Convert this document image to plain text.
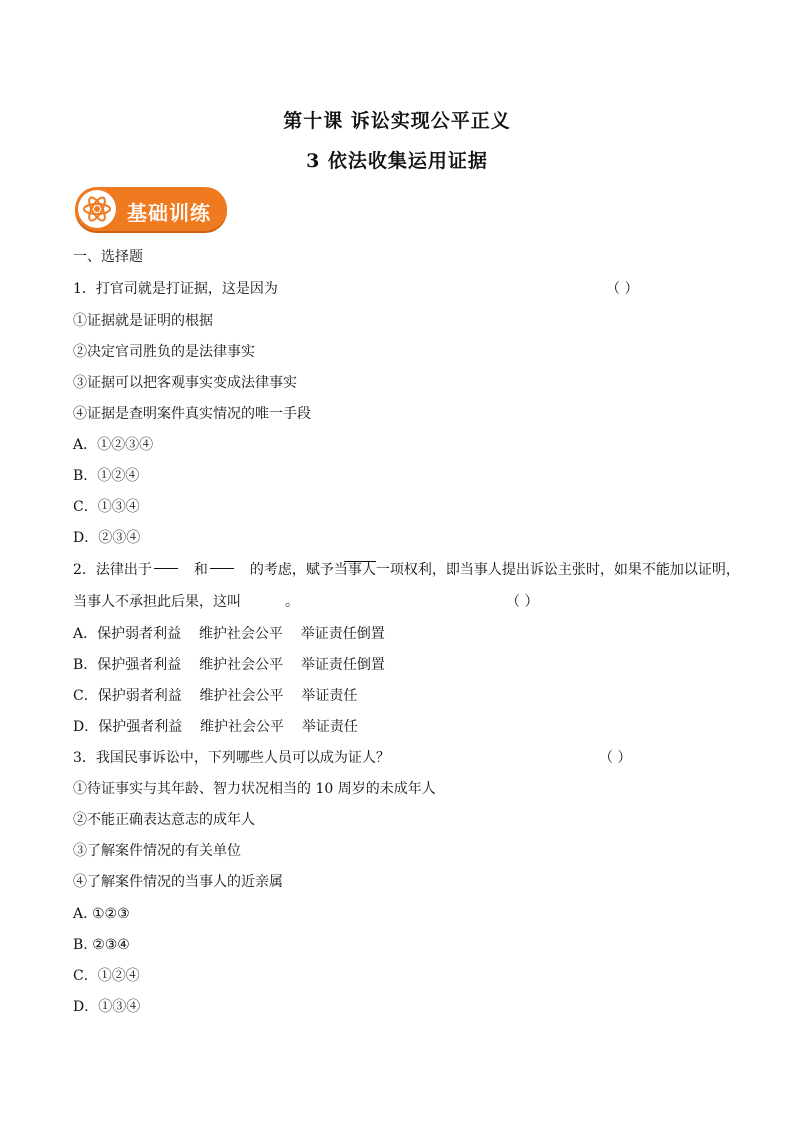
第十课 诉讼实现公平正义
3 依法收集运用证据
基础训练
一、选择题
1．打官司就是打证据，这是因为	（ ）
①证据就是证明的根据
②决定官司胜负的是法律事实
③证据可以把客观事实变成法律事实
④证据是查明案件真实情况的唯一手段
A．①②③④
B．①②④
C．①③④
D．②③④
2．法律出于	和	的考虑，赋予当事人一项权利，即当事人提出诉讼主张时，如果不能加以证明，
当事人不承担此后果，这叫	。	（ ）
A．保护弱者利益    维护社会公平    举证责任倒置
B．保护强者利益    维护社会公平    举证责任倒置
C．保护弱者利益    维护社会公平    举证责任
D．保护强者利益    维护社会公平    举证责任
3．我国民事诉讼中，下列哪些人员可以成为证人？	（ ）
①待证事实与其年龄、智力状况相当的 10 周岁的未成年人
②不能正确表达意志的成年人
③了解案件情况的有关单位
④了解案件情况的当事人的近亲属
A. ①②③
B. ②③④
C．①②④
D．①③④
